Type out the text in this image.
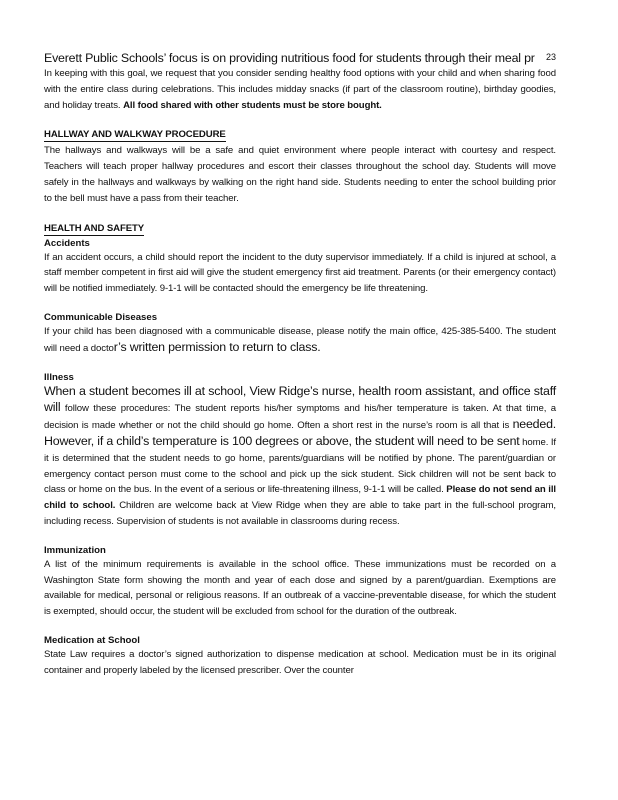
23
Everett Public Schools’ focus is on providing nutritious food for students through their meal pr

In keeping with this goal, we request that you consider sending healthy food options with your child and when sharing food with the entire class during celebrations. This includes midday snacks (if part of the classroom routine), birthday goodies, and holiday treats. All food shared with other students must be store bought.

HALLWAY AND WALKWAY PROCEDURE

The hallways and walkways will be a safe and quiet environment where people interact with courtesy and respect. Teachers will teach proper hallway procedures and escort their classes throughout the school day. Students will move safely in the hallways and walkways by walking on the right hand side. Students needing to enter the school building prior to the bell must have a pass from their teacher.

HEALTH AND SAFETY
Accidents

If an accident occurs, a child should report the incident to the duty supervisor immediately. If a child is injured at school, a staff member competent in first aid will give the student emergency first aid treatment. Parents (or their emergency contact) will be notified immediately. 9-1-1 will be contacted should the emergency be life threatening.

Communicable Diseases

If your child has been diagnosed with a communicable disease, please notify the main office, 425-385-5400. The student will need a doctor’s written permission to return to class.

Illness

When a student becomes ill at school, View Ridge’s nurse, health room assistant, and office staff will follow these procedures: The student reports his/her symptoms and his/her temperature is taken. At that time, a decision is made whether or not the child should go home. Often a short rest in the nurse’s room is all that is needed. However, if a child’s temperature is 100 degrees or above, the student will need to be sent home. If it is determined that the student needs to go home, parents/guardians will be notified by phone. The parent/guardian or emergency contact person must come to the school and pick up the sick student. Sick children will not be sent back to class or home on the bus. In the event of a serious or life-threatening illness, 9-1-1 will be called. Please do not send an ill child to school. Children are welcome back at View Ridge when they are able to take part in the full-school program, including recess. Supervision of students is not available in classrooms during recess.

Immunization

A list of the minimum requirements is available in the school office. These immunizations must be recorded on a Washington State form showing the month and year of each dose and signed by a parent/guardian. Exemptions are available for medical, personal or religious reasons. If an outbreak of a vaccine-preventable disease, for which the student is exempted, should occur, the student will be excluded from school for the duration of the outbreak.

Medication at School

State Law requires a doctor’s signed authorization to dispense medication at school. Medication must be in its original container and properly labeled by the licensed prescriber. Over the counter
